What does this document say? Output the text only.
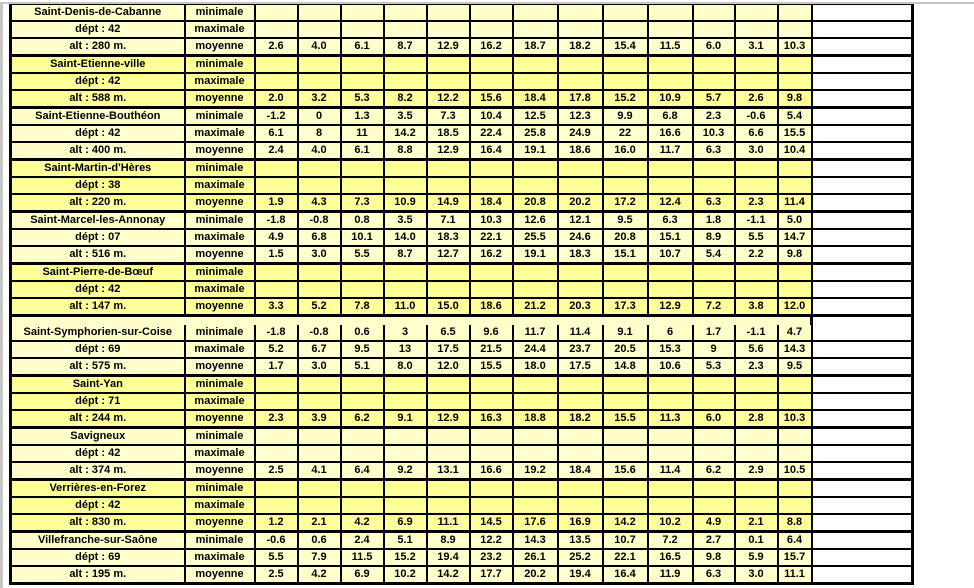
Saint-Denis-de-Cabanne	minimale														
dépt : 42	maximale														
alt : 280 m.	moyenne	2.6	4.0	6.1	8.7	12.9	16.2	18.7	18.2	15.4	11.5	6.0	3.1	10.3	
Saint-Etienne-ville	minimale														
dépt : 42	maximale														
alt : 588 m.	moyenne	2.0	3.2	5.3	8.2	12.2	15.6	18.4	17.8	15.2	10.9	5.7	2.6	9.8	
Saint-Etienne-Bouthéon	minimale	-1.2	0	1.3	3.5	7.3	10.4	12.5	12.3	9.9	6.8	2.3	-0.6	5.4	
dépt : 42	maximale	6.1	8	11	14.2	18.5	22.4	25.8	24.9	22	16.6	10.3	6.6	15.5	
alt : 400 m.	moyenne	2.4	4.0	6.1	8.8	12.9	16.4	19.1	18.6	16.0	11.7	6.3	3.0	10.4	
Saint-Martin-d'Hères	minimale														
dépt : 38	maximale														
alt : 220 m.	moyenne	1.9	4.3	7.3	10.9	14.9	18.4	20.8	20.2	17.2	12.4	6.3	2.3	11.4	
Saint-Marcel-les-Annonay	minimale	-1.8	-0.8	0.8	3.5	7.1	10.3	12.6	12.1	9.5	6.3	1.8	-1.1	5.0	
dépt : 07	maximale	4.9	6.8	10.1	14.0	18.3	22.1	25.5	24.6	20.8	15.1	8.9	5.5	14.7	
alt : 516 m.	moyenne	1.5	3.0	5.5	8.7	12.7	16.2	19.1	18.3	15.1	10.7	5.4	2.2	9.8	
Saint-Pierre-de-Bœuf	minimale														
dépt : 42	maximale														
alt : 147 m.	moyenne	3.3	5.2	7.8	11.0	15.0	18.6	21.2	20.3	17.3	12.9	7.2	3.8	12.0	

Saint-Symphorien-sur-Coise	minimale	-1.8	-0.8	0.6	3	6.5	9.6	11.7	11.4	9.1	6	1.7	-1.1	4.7	
dépt : 69	maximale	5.2	6.7	9.5	13	17.5	21.5	24.4	23.7	20.5	15.3	9	5.6	14.3	
alt : 575 m.	moyenne	1.7	3.0	5.1	8.0	12.0	15.5	18.0	17.5	14.8	10.6	5.3	2.3	9.5	
Saint-Yan	minimale														
dépt : 71	maximale														
alt : 244 m.	moyenne	2.3	3.9	6.2	9.1	12.9	16.3	18.8	18.2	15.5	11.3	6.0	2.8	10.3	
Savigneux	minimale														
dépt : 42	maximale														
alt : 374 m.	moyenne	2.5	4.1	6.4	9.2	13.1	16.6	19.2	18.4	15.6	11.4	6.2	2.9	10.5	
Verrières-en-Forez	minimale														
dépt : 42	maximale														
alt : 830 m.	moyenne	1.2	2.1	4.2	6.9	11.1	14.5	17.6	16.9	14.2	10.2	4.9	2.1	8.8	
Villefranche-sur-Saône	minimale	-0.6	0.6	2.4	5.1	8.9	12.2	14.3	13.5	10.7	7.2	2.7	0.1	6.4	
dépt : 69	maximale	5.5	7.9	11.5	15.2	19.4	23.2	26.1	25.2	22.1	16.5	9.8	5.9	15.7	
alt : 195 m.	moyenne	2.5	4.2	6.9	10.2	14.2	17.7	20.2	19.4	16.4	11.9	6.3	3.0	11.1	
